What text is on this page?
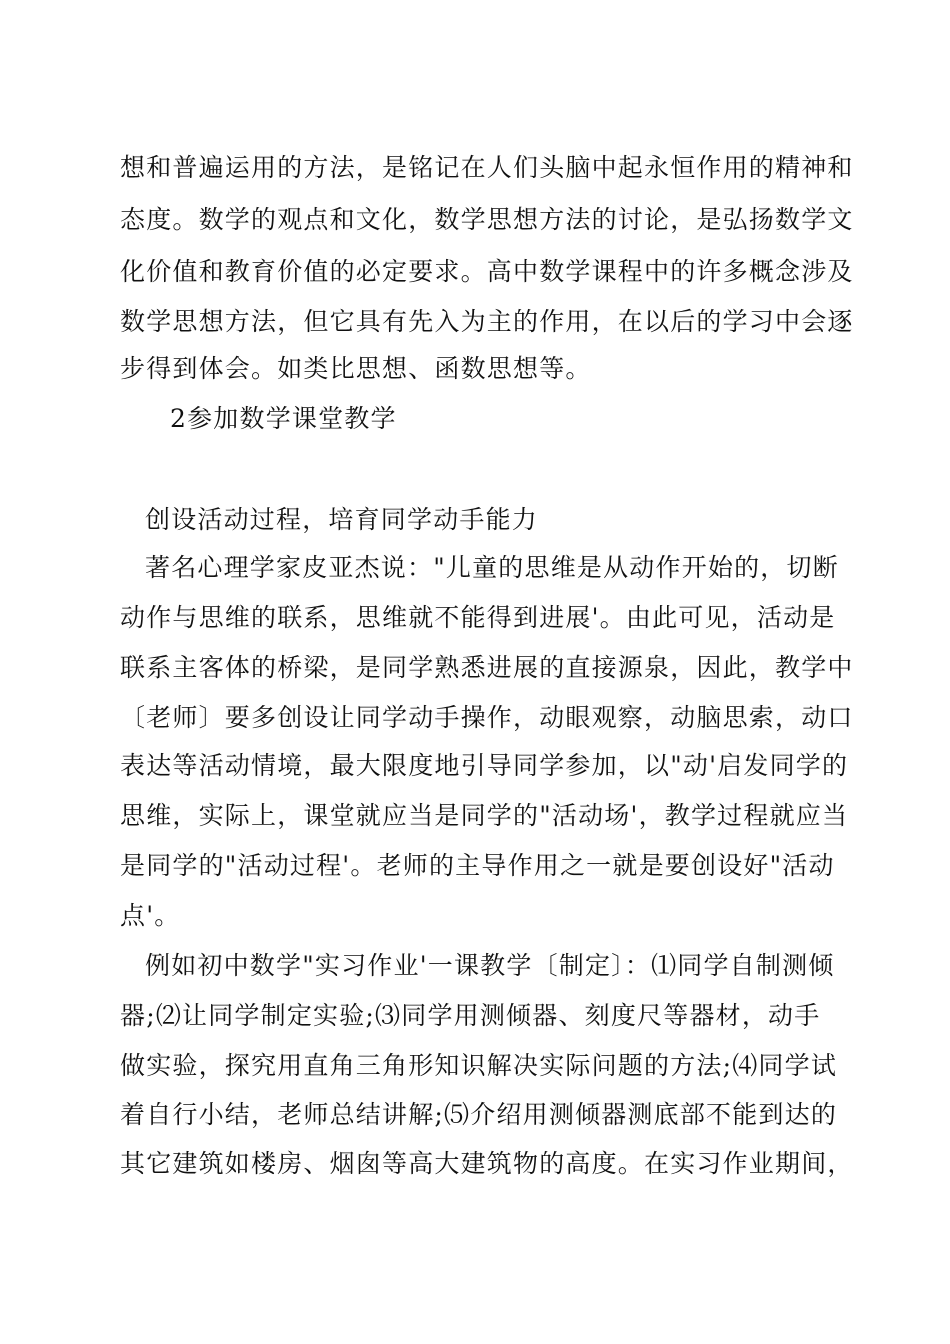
想和普遍运用的方法，是铭记在人们头脑中起永恒作用的精神和
态度。数学的观点和文化，数学思想方法的讨论，是弘扬数学文
化价值和教育价值的必定要求。高中数学课程中的许多概念涉及
数学思想方法，但它具有先入为主的作用，在以后的学习中会逐
步得到体会。如类比思想、函数思想等。
2参加数学课堂教学
创设活动过程，培育同学动手能力
著名心理学家皮亚杰说："儿童的思维是从动作开始的，切断
动作与思维的联系，思维就不能得到进展'。由此可见，活动是
联系主客体的桥梁，是同学熟悉进展的直接源泉，因此，教学中
〔老师〕要多创设让同学动手操作，动眼观察，动脑思索，动口
表达等活动情境，最大限度地引导同学参加，以"动'启发同学的
思维，实际上，课堂就应当是同学的"活动场'，教学过程就应当
是同学的"活动过程'。老师的主导作用之一就是要创设好"活动
点'。
例如初中数学"实习作业'一课教学〔制定〕：⑴同学自制测倾
器;⑵让同学制定实验;⑶同学用测倾器、刻度尺等器材，动手
做实验，探究用直角三角形知识解决实际问题的方法;⑷同学试
着自行小结，老师总结讲解;⑸介绍用测倾器测底部不能到达的
其它建筑如楼房、烟囱等高大建筑物的高度。在实习作业期间，
